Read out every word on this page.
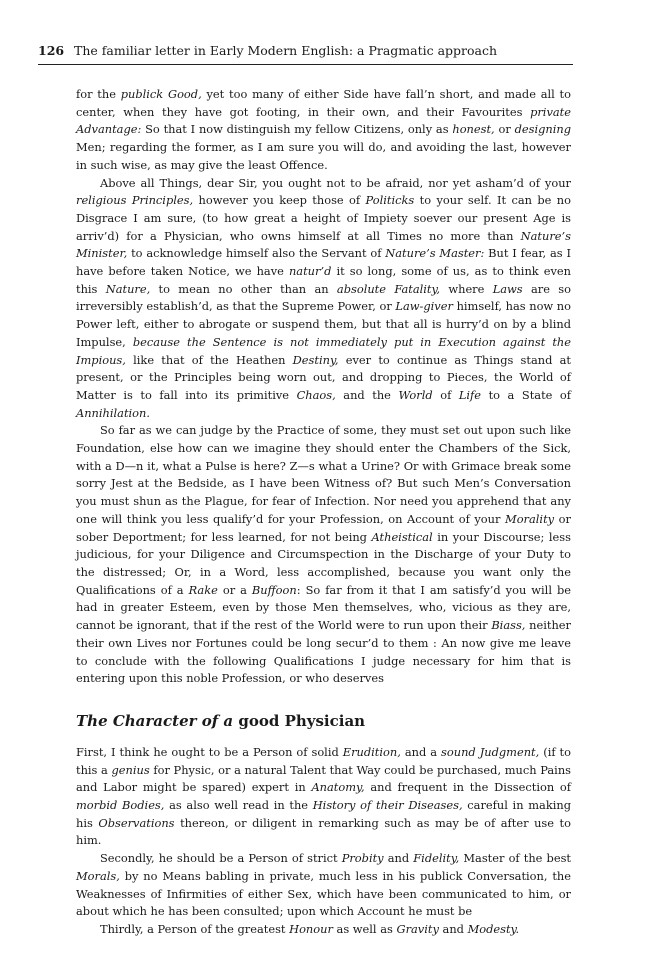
126 The familiar letter in Early Modern English: a Pragmatic approach

for the publick Good, yet too many of either Side have fall’n short, and made all to center, when they have got footing, in their own, and their Favourites private Advantage: So that I now distinguish my fellow Citizens, only as honest, or designing Men; regarding the former, as I am sure you will do, and avoiding the last, however in such wise, as may give the least Offence.

Above all Things, dear Sir, you ought not to be afraid, nor yet asham’d of your religious Principles, however you keep those of Politicks to your self. It can be no Disgrace I am sure, (to how great a height of Impiety soever our present Age is arriv’d) for a Physician, who owns himself at all Times no more than Nature’s Minister, to acknowledge himself also the Servant of Nature’s Master: But I fear, as I have before taken Notice, we have natur’d it so long, some of us, as to think even this Nature, to mean no other than an absolute Fatality, where Laws are so irreversibly establish’d, as that the Supreme Power, or Law-giver himself, has now no Power left, either to abrogate or suspend them, but that all is hurry’d on by a blind Impulse, because the Sentence is not immediately put in Execution against the Impious, like that of the Heathen Destiny, ever to continue as Things stand at present, or the Principles being worn out, and dropping to Pieces, the World of Matter is to fall into its primitive Chaos, and the World of Life to a State of Annihilation.

So far as we can judge by the Practice of some, they must set out upon such like Foundation, else how can we imagine they should enter the Chambers of the Sick, with a D—n it, what a Pulse is here? Z—s what a Urine? Or with Grimace break some sorry Jest at the Bedside, as I have been Witness of? But such Men’s Conversation you must shun as the Plague, for fear of Infection. Nor need you apprehend that any one will think you less qualify’d for your Profession, on Account of your Morality or sober Deportment; for less learned, for not being Atheistical in your Discourse; less judicious, for your Diligence and Circumspection in the Discharge of your Duty to the distressed; Or, in a Word, less accomplished, because you want only the Qualifications of a Rake or a Buffoon: So far from it that I am satisfy’d you will be had in greater Esteem, even by those Men themselves, who, vicious as they are, cannot be ignorant, that if the rest of the World were to run upon their Biass, neither their own Lives nor Fortunes could be long secur’d to them : An now give me leave to conclude with the following Qualifications I judge necessary for him that is entering upon this noble Profession, or who deserves

The Character of a good Physician

First, I think he ought to be a Person of solid Erudition, and a sound Judgment, (if to this a genius for Physic, or a natural Talent that Way could be purchased, much Pains and Labor might be spared) expert in Anatomy, and frequent in the Dissection of morbid Bodies, as also well read in the History of their Diseases, careful in making his Observations thereon, or diligent in remarking such as may be of after use to him.

Secondly, he should be a Person of strict Probity and Fidelity, Master of the best Morals, by no Means babling in private, much less in his publick Conversation, the Weaknesses of Infirmities of either Sex, which have been communicated to him, or about which he has been consulted; upon which Account he must be

Thirdly, a Person of the greatest Honour as well as Gravity and Modesty.
